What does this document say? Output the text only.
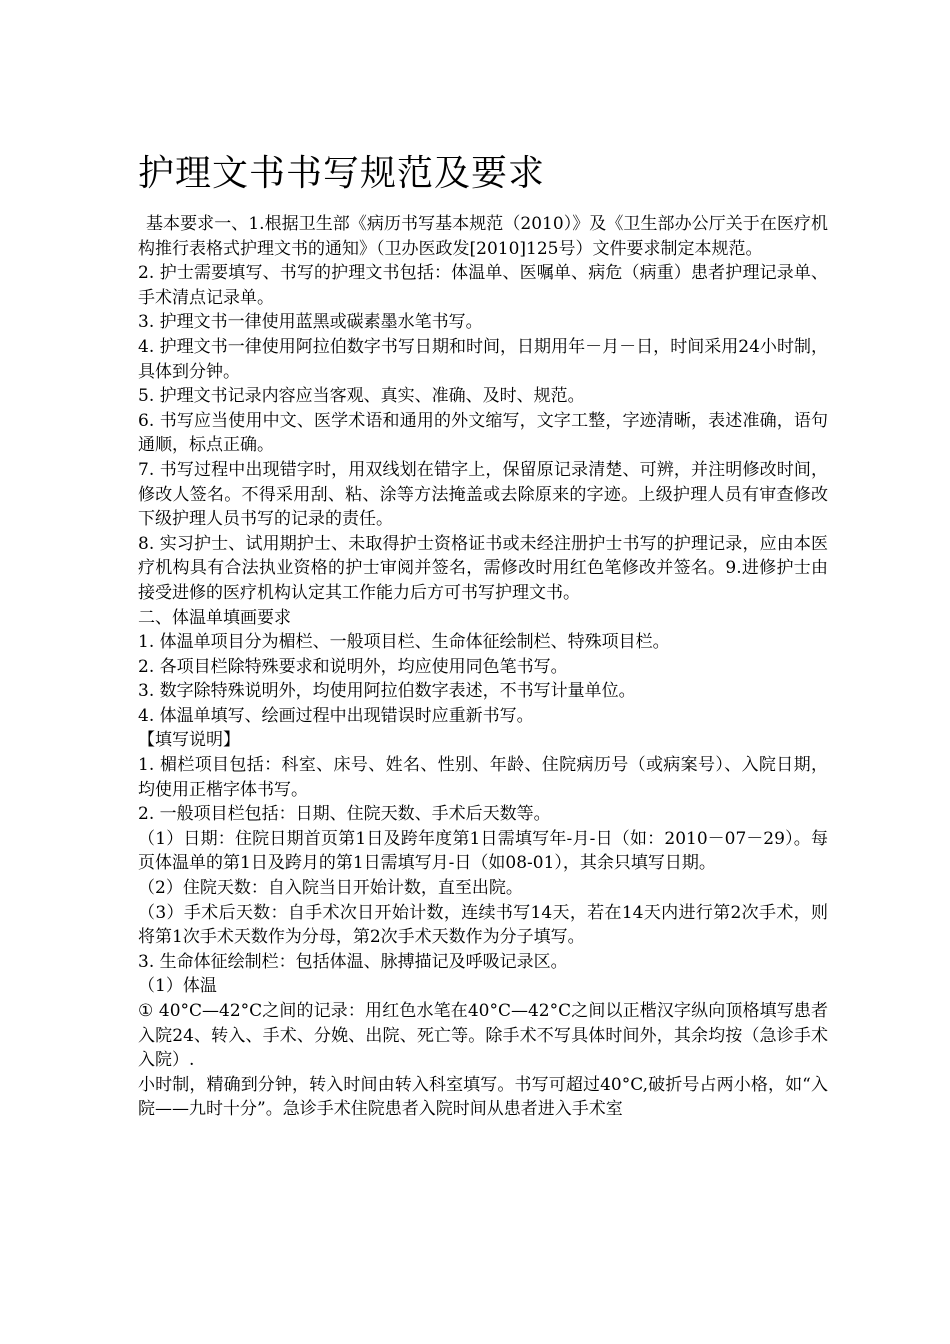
护理文书书写规范及要求

基本要求一、1.根据卫生部《病历书写基本规范（2010）》及《卫生部办公厅关于在医疗机构推行表格式护理文书的通知》（卫办医政发[2010]125号）文件要求制定本规范。

2. 护士需要填写、书写的护理文书包括：体温单、医嘱单、病危（病重）患者护理记录单、手术清点记录单。

3. 护理文书一律使用蓝黑或碳素墨水笔书写。

4. 护理文书一律使用阿拉伯数字书写日期和时间，日期用年－月－日，时间采用24小时制，具体到分钟。

5. 护理文书记录内容应当客观、真实、准确、及时、规范。

6. 书写应当使用中文、医学术语和通用的外文缩写，文字工整，字迹清晰，表述准确，语句通顺，标点正确。

7. 书写过程中出现错字时，用双线划在错字上，保留原记录清楚、可辨，并注明修改时间，修改人签名。不得采用刮、粘、涂等方法掩盖或去除原来的字迹。上级护理人员有审查修改下级护理人员书写的记录的责任。

8. 实习护士、试用期护士、未取得护士资格证书或未经注册护士书写的护理记录，应由本医疗机构具有合法执业资格的护士审阅并签名，需修改时用红色笔修改并签名。9.进修护士由接受进修的医疗机构认定其工作能力后方可书写护理文书。

二、体温单填画要求

1. 体温单项目分为楣栏、一般项目栏、生命体征绘制栏、特殊项目栏。

2. 各项目栏除特殊要求和说明外，均应使用同色笔书写。

3. 数字除特殊说明外，均使用阿拉伯数字表述，不书写计量单位。

4. 体温单填写、绘画过程中出现错误时应重新书写。

【填写说明】

1. 楣栏项目包括：科室、床号、姓名、性别、年龄、住院病历号（或病案号）、入院日期，均使用正楷字体书写。

2. 一般项目栏包括：日期、住院天数、手术后天数等。

（1）日期：住院日期首页第1日及跨年度第1日需填写年-月-日（如：2010－07－29）。每页体温单的第1日及跨月的第1日需填写月-日（如08-01），其余只填写日期。

（2）住院天数：自入院当日开始计数，直至出院。

（3）手术后天数：自手术次日开始计数，连续书写14天，若在14天内进行第2次手术，则将第1次手术天数作为分母，第2次手术天数作为分子填写。

3. 生命体征绘制栏：包括体温、脉搏描记及呼吸记录区。

（1）体温

① 40°C—42°C之间的记录：用红色水笔在40°C—42°C之间以正楷汉字纵向顶格填写患者入院24、转入、手术、分娩、出院、死亡等。除手术不写具体时间外，其余均按（急诊手术入院）.

小时制，精确到分钟，转入时间由转入科室填写。书写可超过40°C,破折号占两小格，如“入院——九时十分”。急诊手术住院患者入院时间从患者进入手术室
